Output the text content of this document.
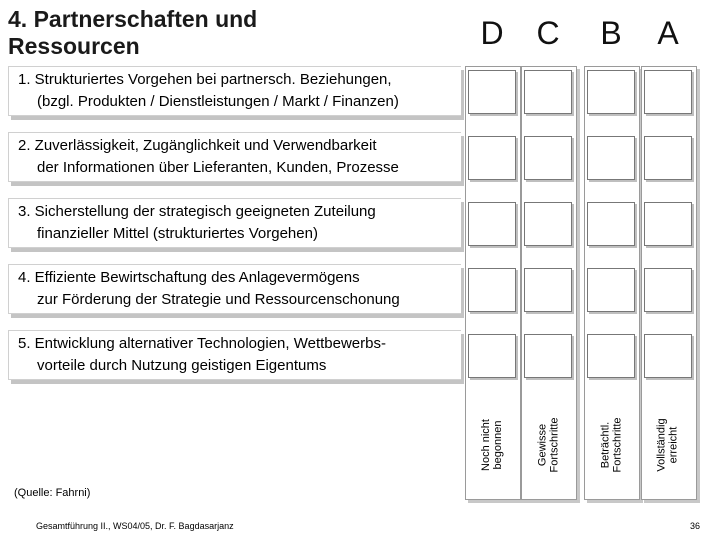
4. Partnerschaften und
Ressourcen	D	C	B	A
1. Strukturiertes Vorgehen bei partnersch. Beziehungen,
(bzgl. Produkten / Dienstleistungen / Markt / Finanzen)
2. Zuverlässigkeit, Zugänglichkeit und Verwendbarkeit
der Informationen über Lieferanten, Kunden, Prozesse
3. Sicherstellung der strategisch geeigneten Zuteilung
finanzieller Mittel (strukturiertes Vorgehen)
4. Effiziente Bewirtschaftung des Anlagevermögens
zur Förderung der Strategie und Ressourcenschonung
5. Entwicklung alternativer Technologien, Wettbewerbs-
vorteile durch Nutzung geistigen Eigentums
Noch nicht begonnen	Gewisse Fortschritte	Beträchtl. Fortschritte	Vollständig erreicht
(Quelle: Fahrni)
Gesamtführung II., WS04/05, Dr. F. Bagdasarjanz	36
